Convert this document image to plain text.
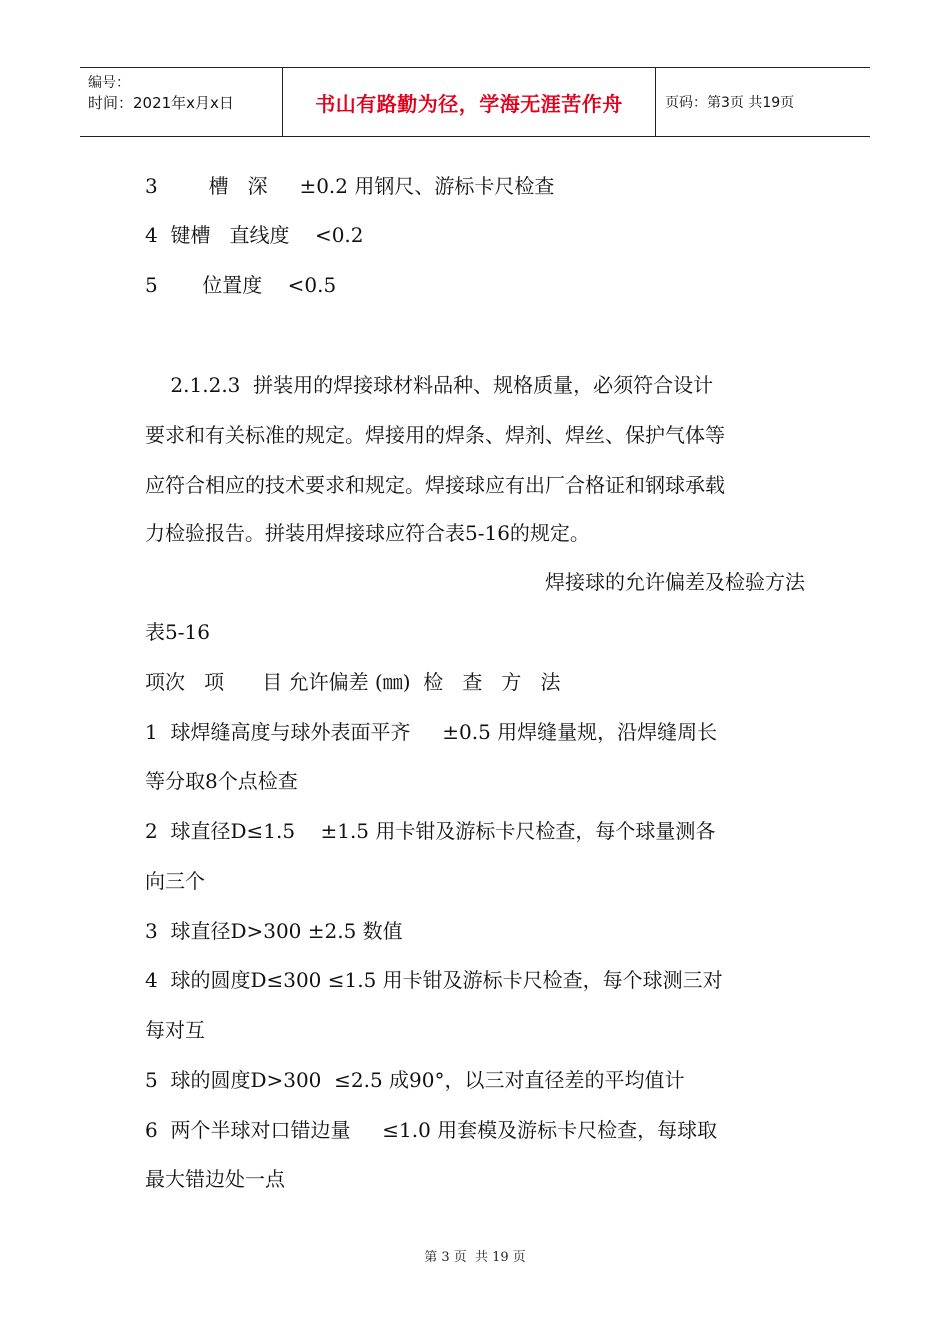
编号：
时间：2021年x月x日	书山有路勤为径，学海无涯苦作舟	页码：第3页 共19页
3        槽   深     ±0.2 用钢尺、游标卡尺检查
4  键槽   直线度    <0.2
5       位置度    <0.5
2.1.2.3  拼装用的焊接球材料品种、规格质量，必须符合设计
要求和有关标准的规定。焊接用的焊条、焊剂、焊丝、保护气体等
应符合相应的技术要求和规定。焊接球应有出厂合格证和钢球承载
力检验报告。拼装用焊接球应符合表5-16的规定。
焊接球的允许偏差及检验方法
表5-16
项次   项      目 允许偏差 (㎜)  检   查   方   法
1  球焊缝高度与球外表面平齐     ±0.5 用焊缝量规，沿焊缝周长
等分取8个点检查
2  球直径D≤1.5    ±1.5 用卡钳及游标卡尺检查，每个球量测各
向三个
3  球直径D>300 ±2.5 数值
4  球的圆度D≤300 ≤1.5 用卡钳及游标卡尺检查，每个球测三对
每对互
5  球的圆度D>300  ≤2.5 成90°，以三对直径差的平均值计
6  两个半球对口错边量     ≤1.0 用套模及游标卡尺检查，每球取
最大错边处一点
第 3 页  共 19 页
